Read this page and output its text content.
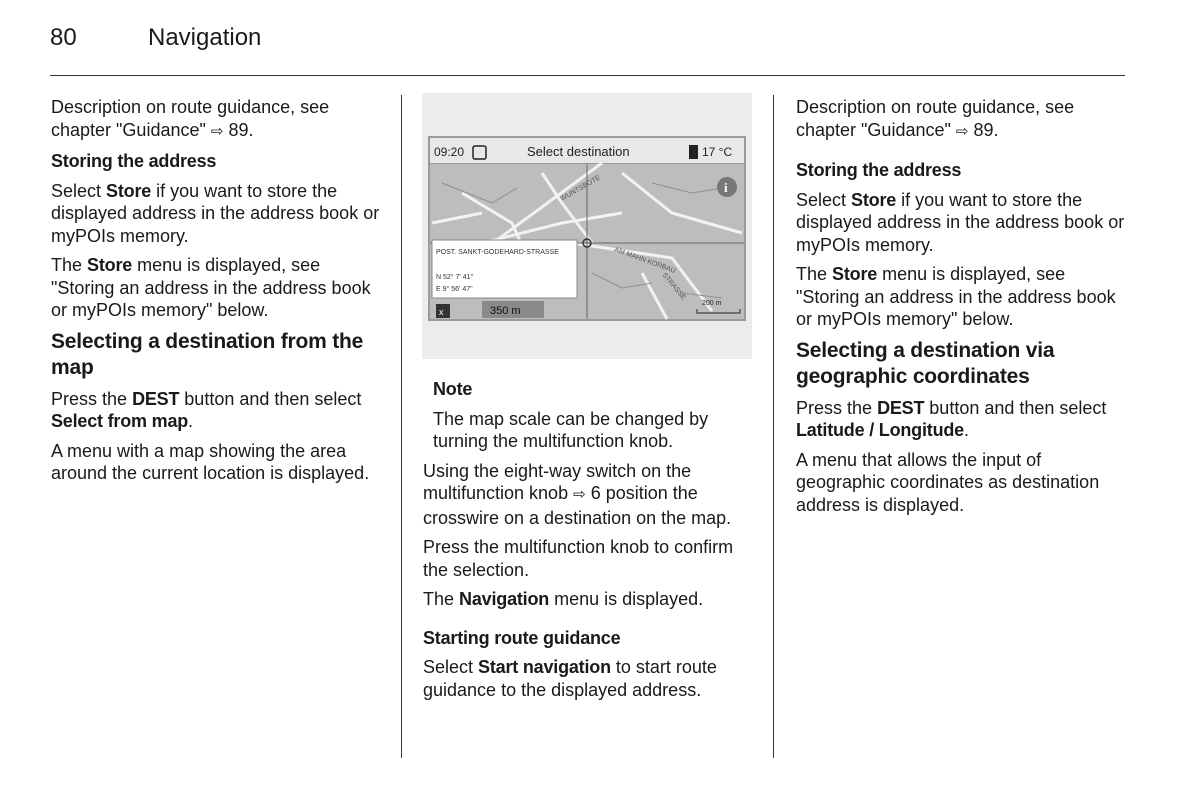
80	Navigation

Description on route guidance, see chapter "Guidance" ⇨ 89.

Storing the address

Select Store if you want to store the displayed address in the address book or myPOIs memory.

The Store menu is displayed, see "Storing an address in the address book or myPOIs memory" below.

Selecting a destination from the map

Press the DEST button and then select Select from map.

A menu with a map showing the area around the current location is displayed.

09:20	Select destination	17 °C
WUNTSBOTE
AM MAHN KORBAU
STRASSE
i
POST. SANKT-GODEHARD-STRASSE
N 52° 7' 41"
E 9° 56' 47"
x	350 m
200 m

Note

The map scale can be changed by turning the multifunction knob.

Using the eight-way switch on the multifunction knob ⇨ 6 position the crosswire on a destination on the map.

Press the multifunction knob to confirm the selection.

The Navigation menu is displayed.

Starting route guidance

Select Start navigation to start route guidance to the displayed address.

Description on route guidance, see chapter "Guidance" ⇨ 89.

Storing the address

Select Store if you want to store the displayed address in the address book or myPOIs memory.

The Store menu is displayed, see "Storing an address in the address book or myPOIs memory" below.

Selecting a destination via geographic coordinates

Press the DEST button and then select Latitude / Longitude.

A menu that allows the input of geographic coordinates as destination address is displayed.
